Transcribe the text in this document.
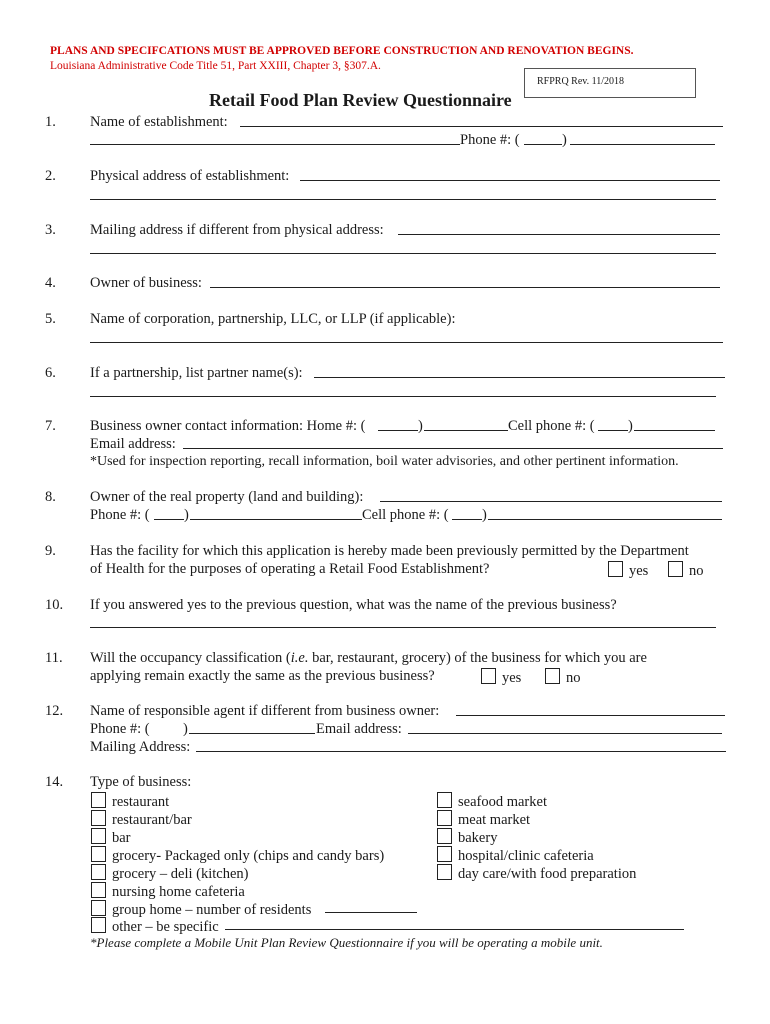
PLANS AND SPECIFCATIONS MUST BE APPROVED BEFORE CONSTRUCTION AND RENOVATION BEGINS.
Louisiana Administrative Code Title 51, Part XXIII, Chapter 3, §307.A.
RFPRQ Rev. 11/2018
Retail Food Plan Review Questionnaire
1. Name of establishment:
Phone #: (	)
2. Physical address of establishment:
3. Mailing address if different from physical address:
4. Owner of business:
5. Name of corporation, partnership, LLC, or LLP (if applicable):
6. If a partnership, list partner name(s):
7. Business owner contact information: Home #: (	)	Cell phone #: ( )
Email address:
*Used for inspection reporting, recall information, boil water advisories, and other pertinent information.
8. Owner of the real property (land and building):
Phone #: ( )	Cell phone #: ( )
9. Has the facility for which this application is hereby made been previously permitted by the Department
of Health for the purposes of operating a Retail Food Establishment?	yes	no
10. If you answered yes to the previous question, what was the name of the previous business?
11. Will the occupancy classification (i.e. bar, restaurant, grocery) of the business for which you are
applying remain exactly the same as the previous business?	yes	no
12. Name of responsible agent if different from business owner:
Phone #: ( )	Email address:
Mailing Address:
14. Type of business:
restaurant
restaurant/bar
bar
grocery- Packaged only (chips and candy bars)
grocery – deli (kitchen)
nursing home cafeteria
group home – number of residents
other – be specific
seafood market
meat market
bakery
hospital/clinic cafeteria
day care/with food preparation
*Please complete a Mobile Unit Plan Review Questionnaire if you will be operating a mobile unit.
